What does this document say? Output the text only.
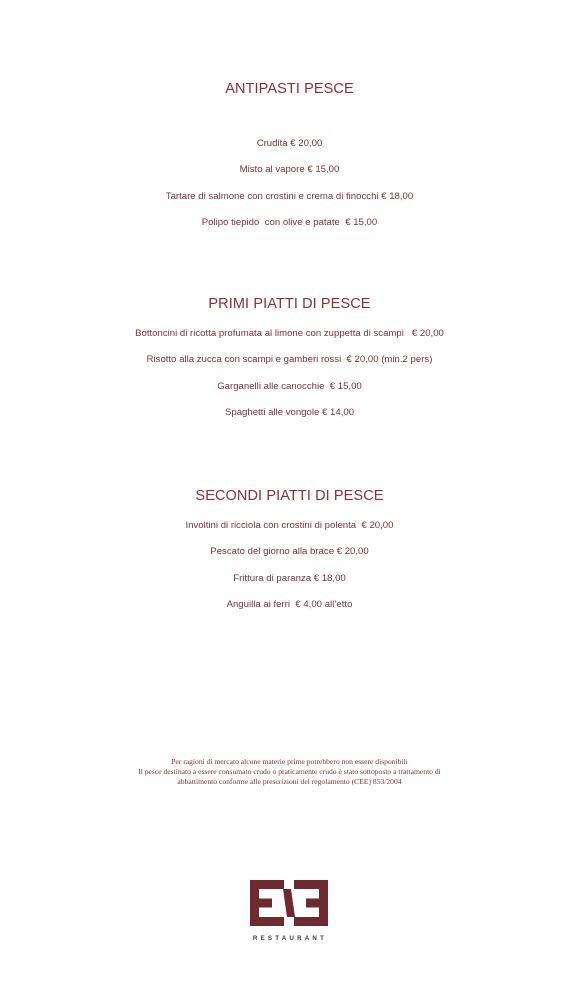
ANTIPASTI PESCE
Crudità € 20,00
Misto al vapore € 15,00
Tartare di salmone con crostini e crema di finocchi € 18,00
Polipo tiepido  con olive e patate  € 15,00
PRIMI PIATTI DI PESCE
Bottoncini di ricotta profumata al limone con zuppetta di scampi   € 20,00
Risotto alla zucca con scampi e gamberi rossi  € 20,00 (min.2 pers)
Garganelli alle canocchie  € 15,00
Spaghetti alle vongole € 14,00
SECONDI PIATTI DI PESCE
Involtini di ricciola con crostini di polenta  € 20,00
Pescato del giorno alla brace € 20,00
Frittura di paranza € 18,00
Anguilla ai ferri  € 4,00 all’etto
Per ragioni di mercato alcune materie prime potrebbero non essere disponibili
Il pesce destinato a essere consumato crudo o praticamente crudo è stato sottoposto a trattamento di
abbattimento conforme alle prescrizioni del regolamento (CEE) 853/2004
RESTAURANT
